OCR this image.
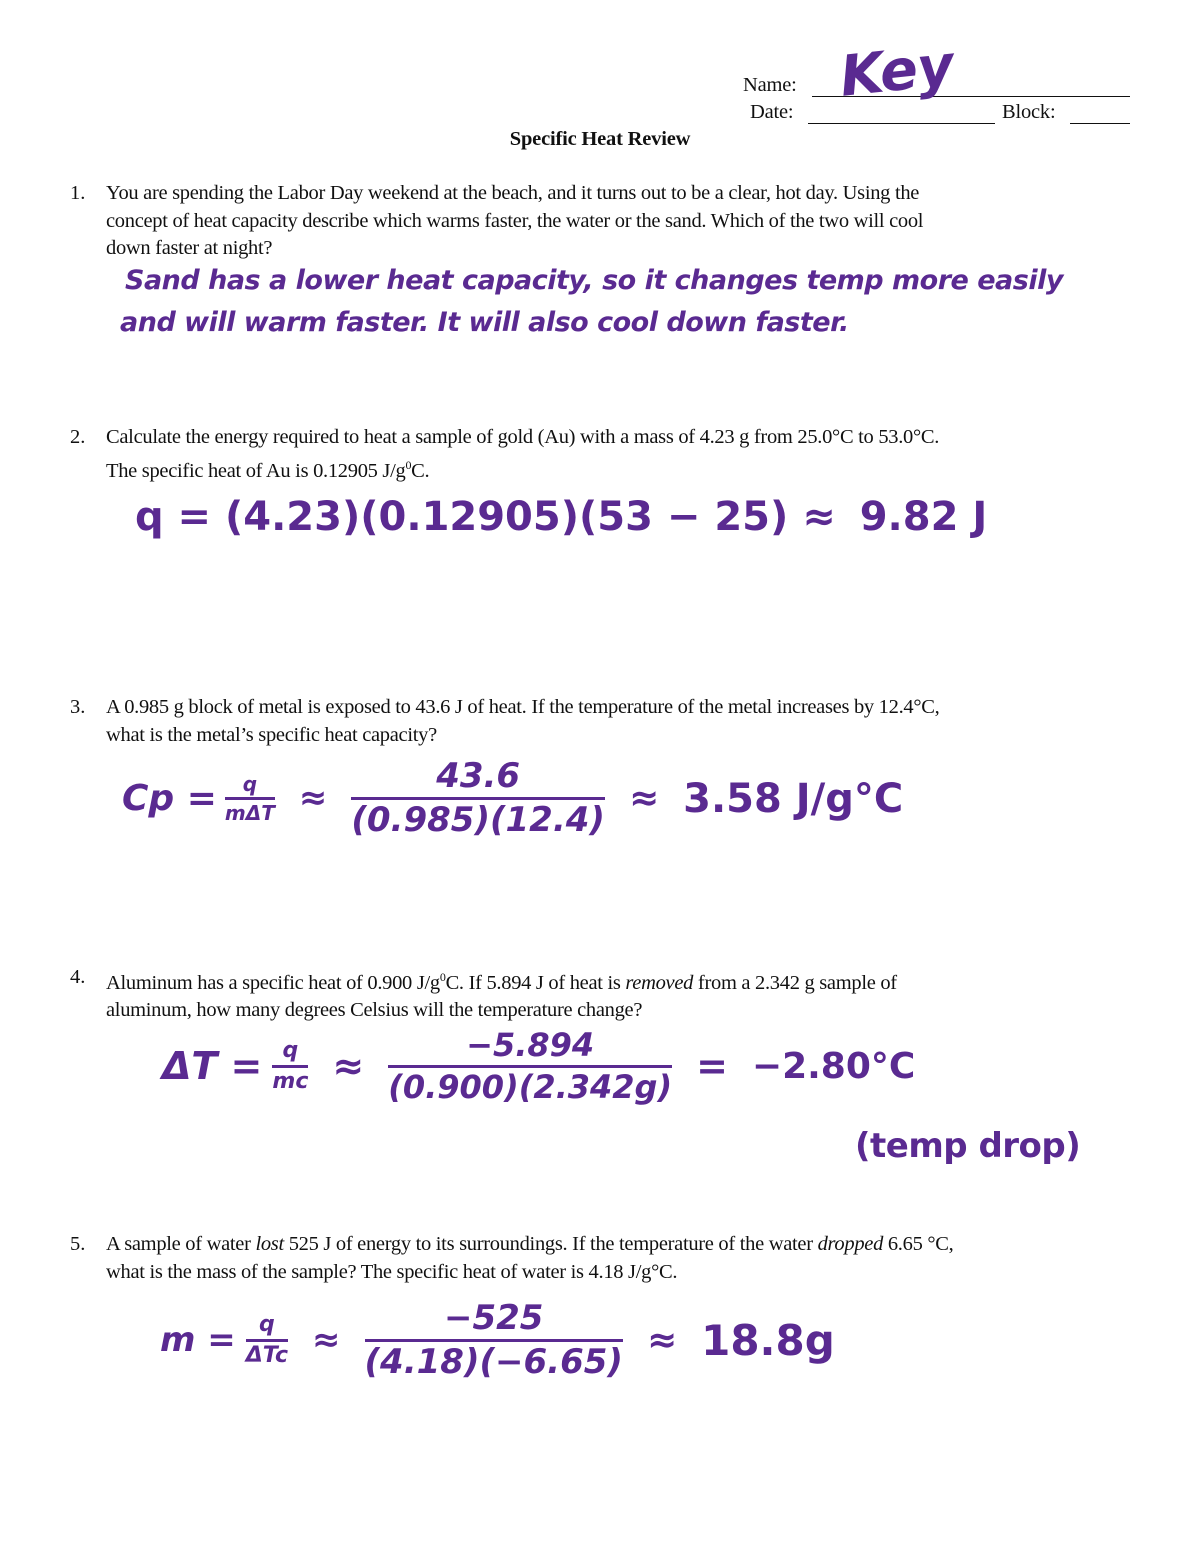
Name: Key
Date:	Block:
Specific Heat Review
1. You are spending the Labor Day weekend at the beach, and it turns out to be a clear, hot day. Using the
concept of heat capacity describe which warms faster, the water or the sand. Which of the two will cool
down faster at night?
Sand has a lower heat capacity, so it changes temp more easily
and will warm faster. It will also cool down faster.
2. Calculate the energy required to heat a sample of gold (Au) with a mass of 4.23 g from 25.0°C to 53.0°C.
The specific heat of Au is 0.12905 $J/g^0C$.
q = (4.23)(0.12905)(53 − 25) ≈ 9.82 J
3. A 0.985 g block of metal is exposed to 43.6 J of heat. If the temperature of the metal increases by 12.4°C,
what is the metal’s specific heat capacity?
$Cp = \frac{q}{\text{mΔT}} \approx \frac{43.6}{(0.985)(12.4)} \approx 3.58$ J/g°C
4. Aluminum has a specific heat of 0.900 $J/g^0C$. If 5.894 J of heat is removed from a 2.342 g sample of
aluminum, how many degrees Celsius will the temperature change?
$\Delta T = \frac{q}{mc} \approx \frac{-5.894}{(0.900)(2.342g)} = -2.80^\circ C$
(temp drop)
5. A sample of water lost 525 J of energy to its surroundings. If the temperature of the water dropped 6.65 °C,
what is the mass of the sample? The specific heat of water is 4.18 J/g°C.
$m = \frac{q}{\text{ΔTc}} \approx \frac{-525}{(4.18)(-6.65)} \approx 18.8g$
